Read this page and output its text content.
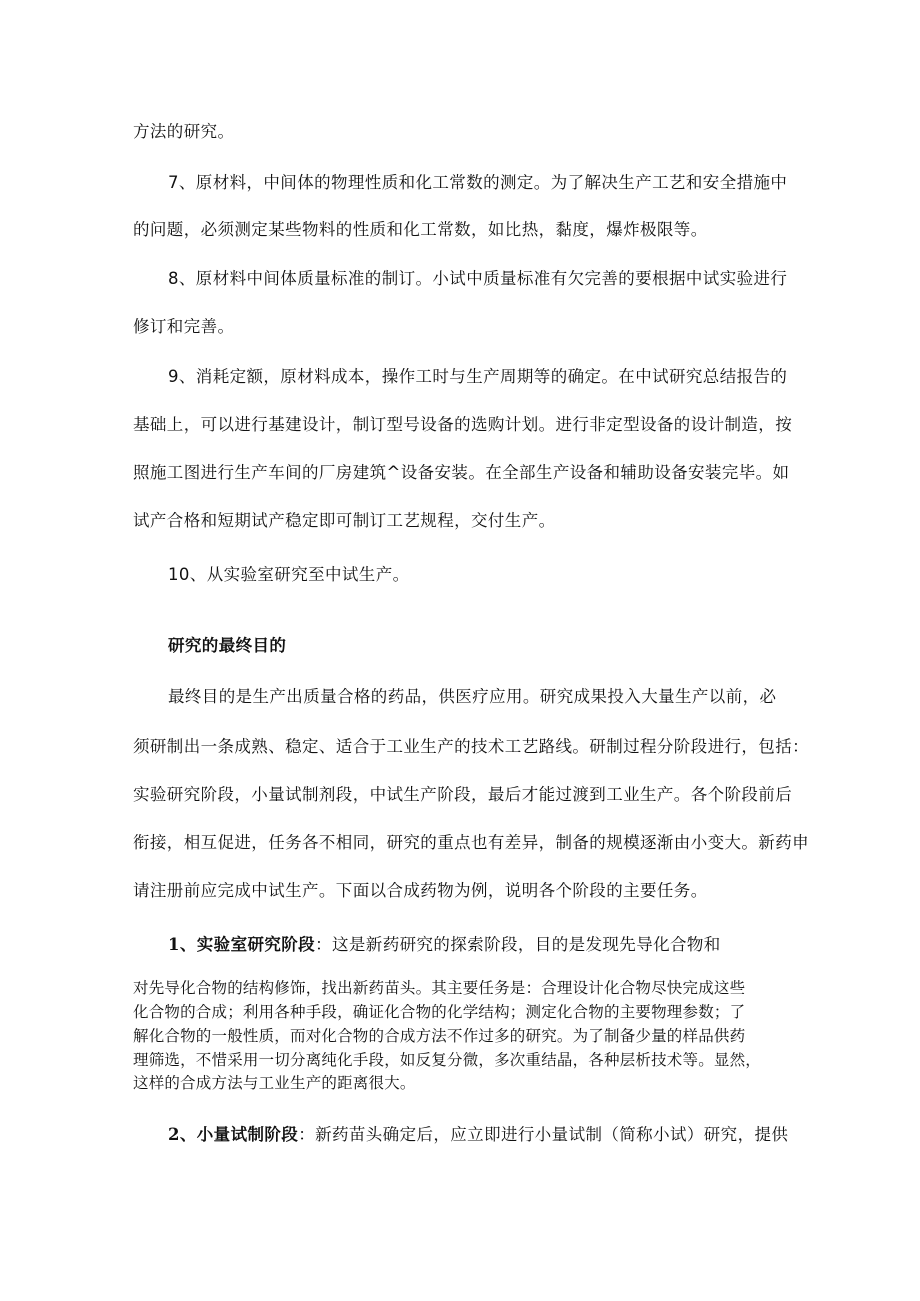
方法的研究。
7、原材料，中间体的物理性质和化工常数的测定。为了解决生产工艺和安全措施中
的问题，必须测定某些物料的性质和化工常数，如比热，黏度，爆炸极限等。
8、原材料中间体质量标准的制订。小试中质量标准有欠完善的要根据中试实验进行
修订和完善。
9、消耗定额，原材料成本，操作工时与生产周期等的确定。在中试研究总结报告的
基础上，可以进行基建设计，制订型号设备的选购计划。进行非定型设备的设计制造，按
照施工图进行生产车间的厂房建筑^设备安装。在全部生产设备和辅助设备安装完毕。如
试产合格和短期试产稳定即可制订工艺规程，交付生产。
10、从实验室研究至中试生产。
研究的最终目的
最终目的是生产出质量合格的药品，供医疗应用。研究成果投入大量生产以前，必
须研制出一条成熟、稳定、适合于工业生产的技术工艺路线。研制过程分阶段进行，包括：
实验研究阶段，小量试制剂段，中试生产阶段，最后才能过渡到工业生产。各个阶段前后
衔接，相互促进，任务各不相同，研究的重点也有差异，制备的规模逐渐由小变大。新药申
请注册前应完成中试生产。下面以合成药物为例，说明各个阶段的主要任务。
1、实验室研究阶段：这是新药研究的探索阶段，目的是发现先导化合物和
对先导化合物的结构修饰，找出新药苗头。其主要任务是：合理设计化合物尽快完成这些
化合物的合成；利用各种手段，确证化合物的化学结构；测定化合物的主要物理参数；了
解化合物的一般性质，而对化合物的合成方法不作过多的研究。为了制备少量的样品供药
理筛选，不惜采用一切分离纯化手段，如反复分微，多次重结晶，各种层析技术等。显然，
这样的合成方法与工业生产的距离很大。
2、小量试制阶段：新药苗头确定后，应立即进行小量试制（简称小试）研究，提供
